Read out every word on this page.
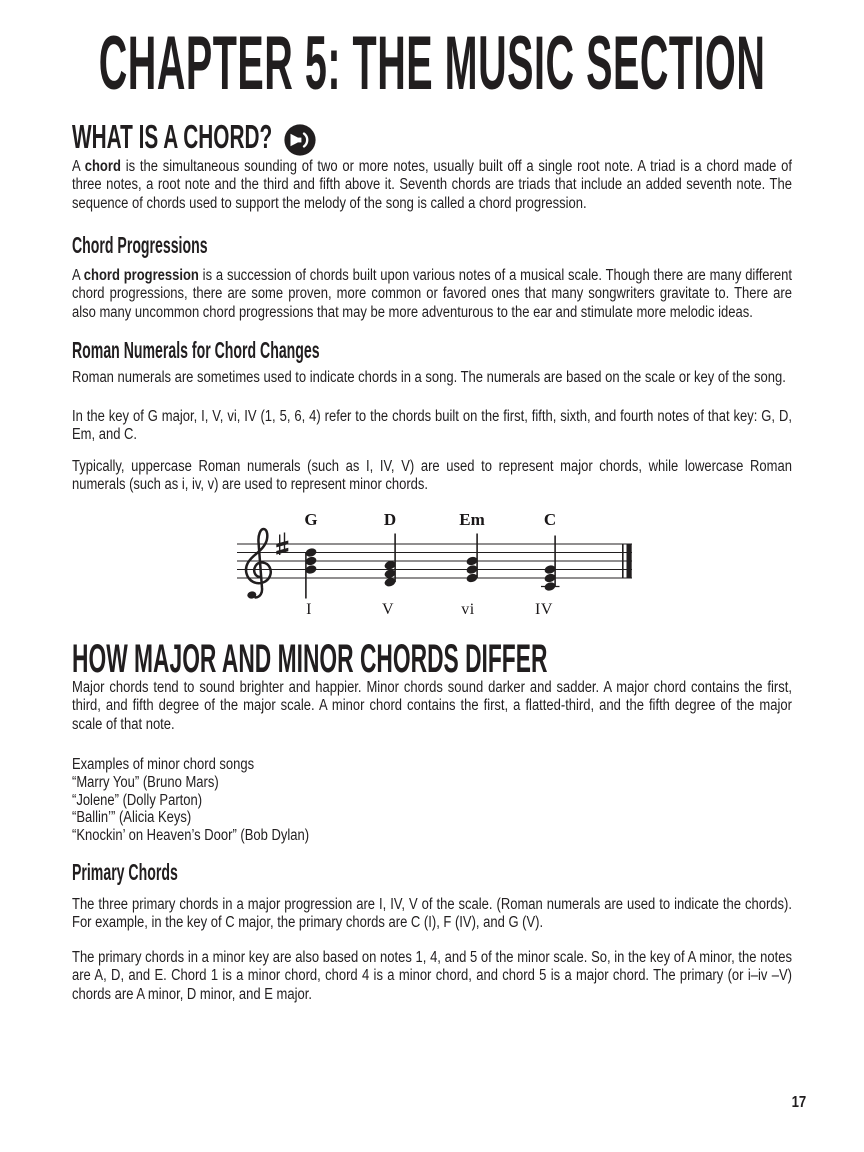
CHAPTER 5: THE MUSIC SECTION
WHAT IS A CHORD?

A chord is the simultaneous sounding of two or more notes, usually built off a single root note. A triad is a chord made of three notes, a root note and the third and fifth above it. Seventh chords are triads that include an added seventh note. The sequence of chords used to support the melody of the song is called a chord progression.

Chord Progressions

A chord progression is a succession of chords built upon various notes of a musical scale. Though there are many different chord progressions, there are some proven, more common or favored ones that many songwriters gravitate to. There are also many uncommon chord progressions that may be more adventurous to the ear and stimulate more melodic ideas.

Roman Numerals for Chord Changes

Roman numerals are sometimes used to indicate chords in a song. The numerals are based on the scale or key of the song.

In the key of G major, I, V, vi, IV (1, 5, 6, 4) refer to the chords built on the first, fifth, sixth, and fourth notes of that key: G, D, Em, and C.

Typically, uppercase Roman numerals (such as I, IV, V) are used to represent major chords, while lowercase Roman numerals (such as i, iv, v) are used to represent minor chords.

G
I
D
V
Em
vi
C
IV
HOW MAJOR AND MINOR CHORDS DIFFER

Major chords tend to sound brighter and happier. Minor chords sound darker and sadder. A major chord contains the first, third, and fifth degree of the major scale. A minor chord contains the first, a flatted-third, and the fifth degree of the major scale of that note.

Examples of minor chord songs
“Marry You” (Bruno Mars)
“Jolene” (Dolly Parton)
“Ballin’” (Alicia Keys)
“Knockin’ on Heaven’s Door” (Bob Dylan)
Primary Chords

The three primary chords in a major progression are I, IV, V of the scale. (Roman numerals are used to indicate the chords). For example, in the key of C major, the primary chords are C (I), F (IV), and G (V).

The primary chords in a minor key are also based on notes 1, 4, and 5 of the minor scale. So, in the key of A minor, the notes are A, D, and E. Chord 1 is a minor chord, chord 4 is a minor chord, and chord 5 is a major chord. The primary (or i–iv –V) chords are A minor, D minor, and E major.

17
